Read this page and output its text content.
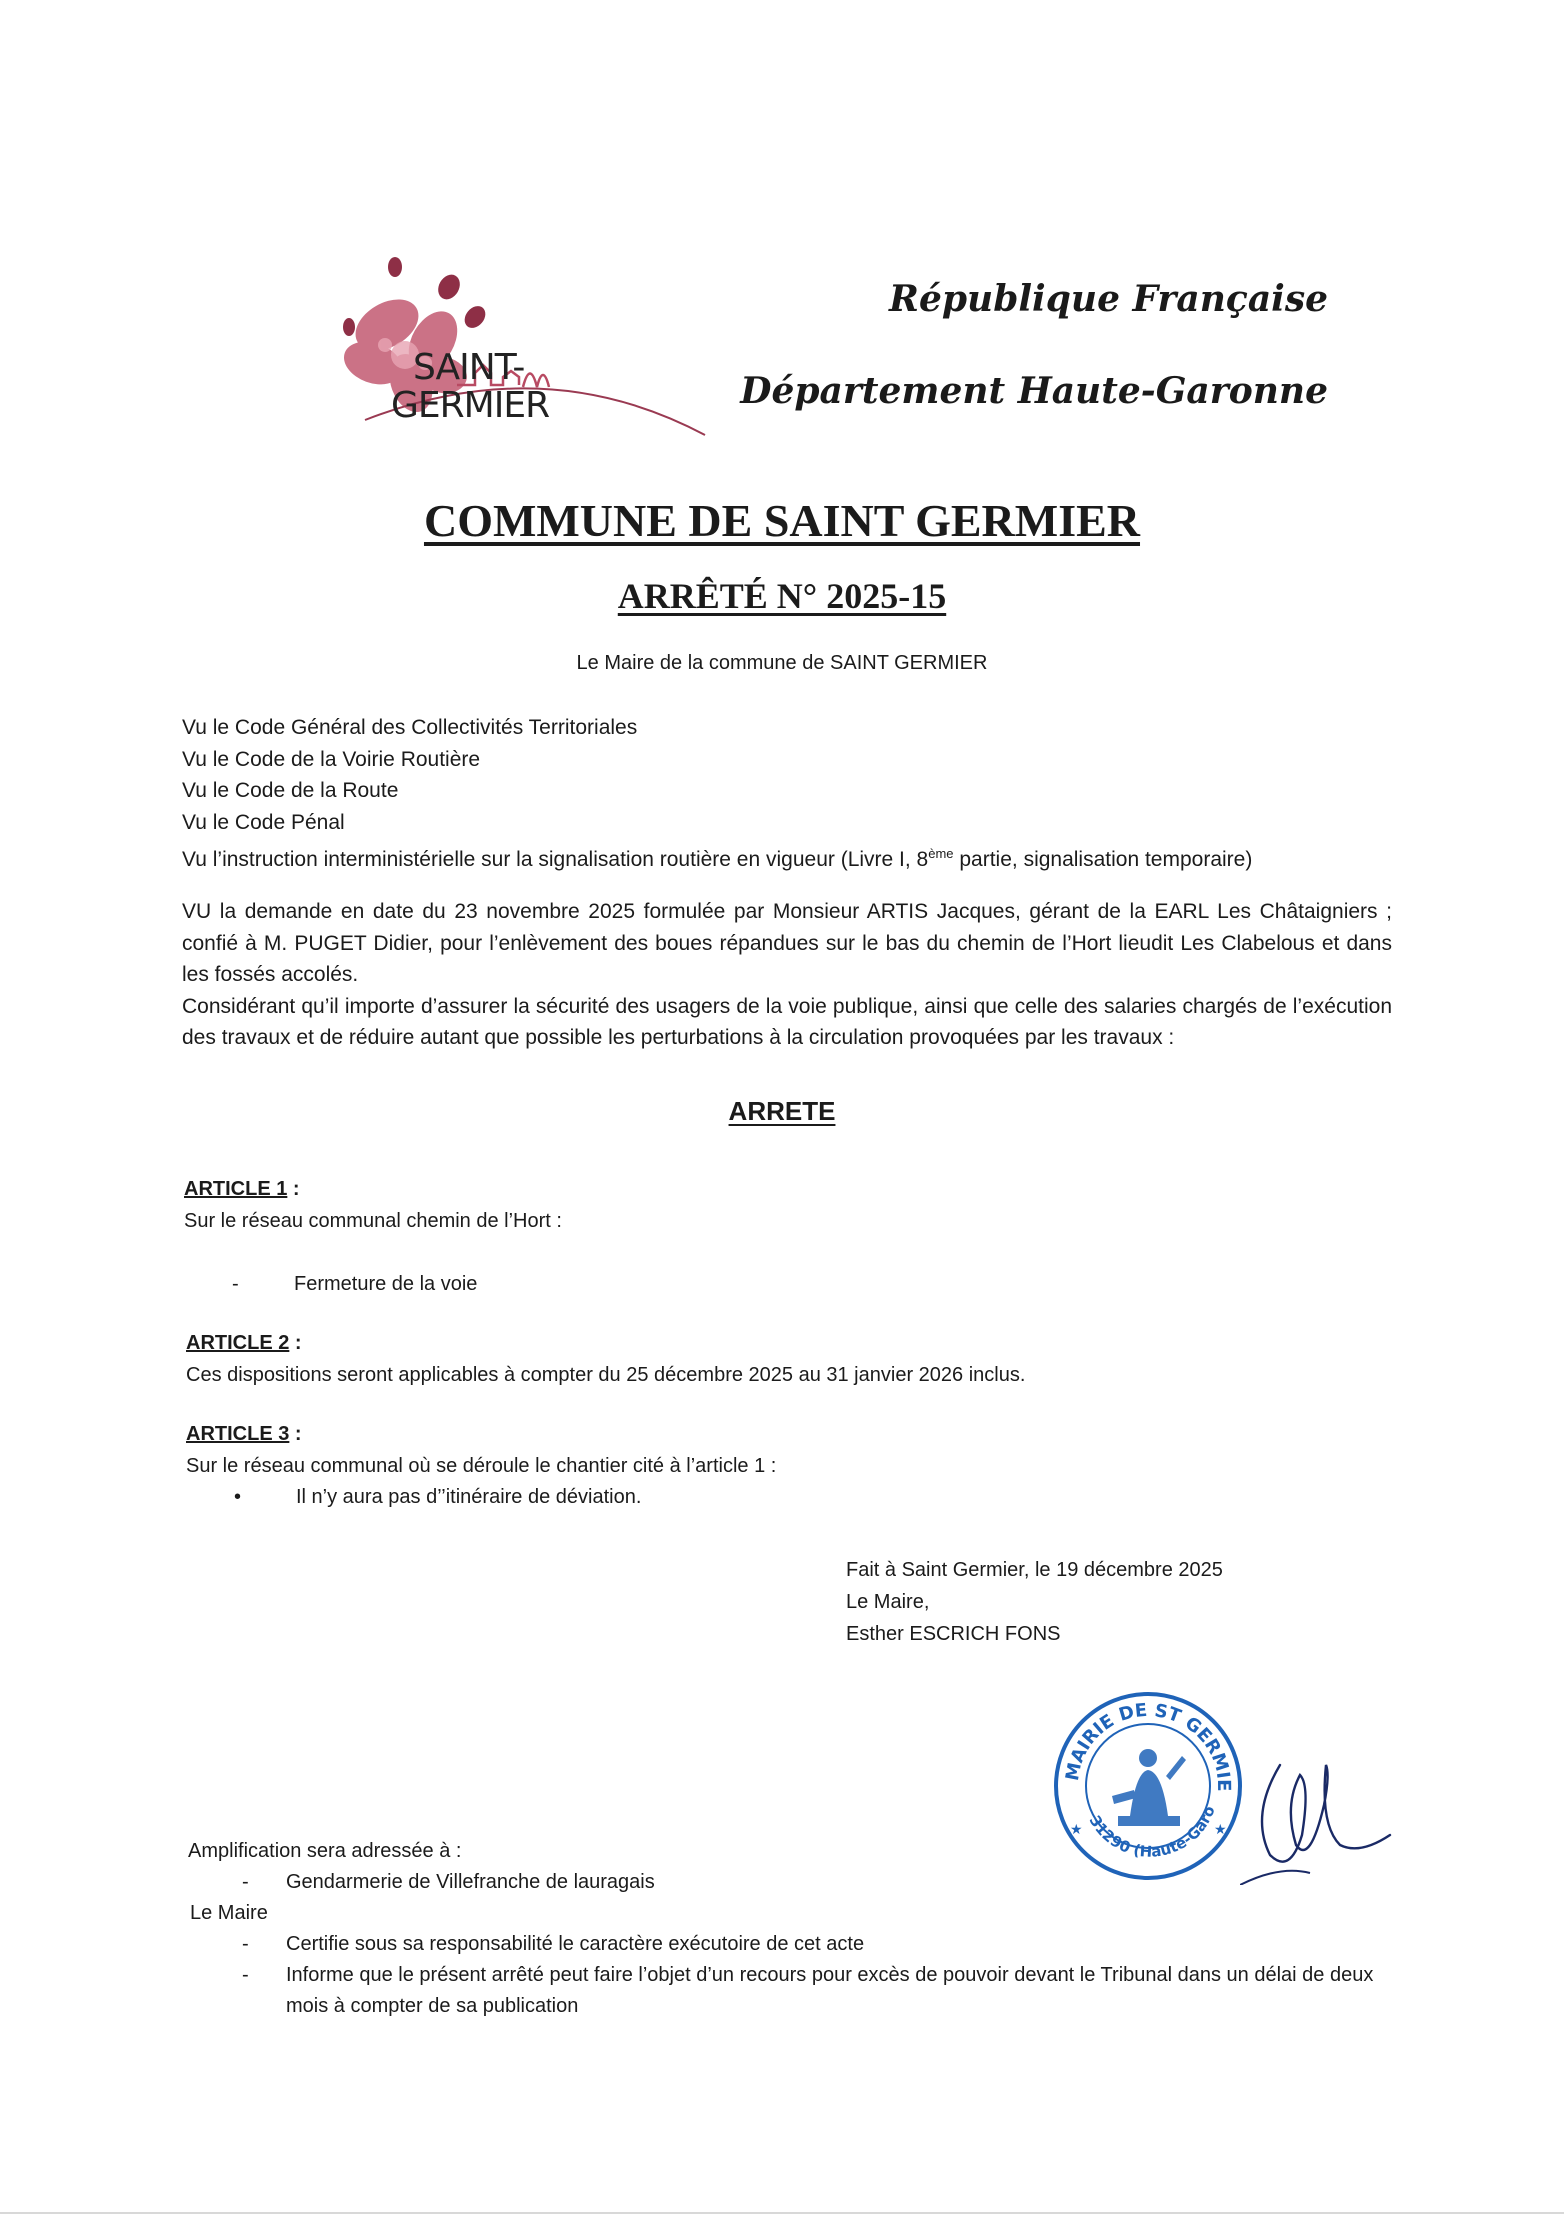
SAINT-
GERMIER
République Française
Département Haute-Garonne
COMMUNE DE SAINT GERMIER
ARRÊTÉ N° 2025-15
Le Maire de la commune de SAINT GERMIER
Vu le Code Général des Collectivités Territoriales
Vu le Code de la Voirie Routière
Vu le Code de la Route
Vu le Code Pénal
Vu l’instruction interministérielle sur la signalisation routière en vigueur (Livre I, 8ème partie, signalisation temporaire)
VU la demande en date du 23 novembre 2025 formulée par Monsieur ARTIS Jacques, gérant de la EARL Les Châtaigniers ; confié à M. PUGET Didier, pour l’enlèvement des boues répandues sur le bas du chemin de l’Hort lieudit Les Clabelous et dans les fossés accolés.
Considérant qu’il importe d’assurer la sécurité des usagers de la voie publique, ainsi que celle des salaries chargés de l’exécution des travaux et de réduire autant que possible les perturbations à la circulation provoquées par les travaux :
ARRETE
ARTICLE 1 :
Sur le réseau communal chemin de l’Hort :
-	Fermeture de la voie
ARTICLE 2 :
Ces dispositions seront applicables à compter du 25 décembre 2025 au 31 janvier 2026 inclus.
ARTICLE 3 :
Sur le réseau communal où se déroule le chantier cité à l’article 1 :
•	Il n’y aura pas d’’itinéraire de déviation.
Fait à Saint Germier, le 19 décembre 2025
Le Maire,
Esther ESCRICH FONS
MAIRIE DE ST GERMIE
31290 (Haute-Garo
★	★
Amplification sera adressée à :
-	Gendarmerie de Villefranche de lauragais
Le Maire
-	Certifie sous sa responsabilité le caractère exécutoire de cet acte
-	Informe que le présent arrêté peut faire l’objet d’un recours pour excès de pouvoir devant le Tribunal dans un délai de deux mois à compter de sa publication
